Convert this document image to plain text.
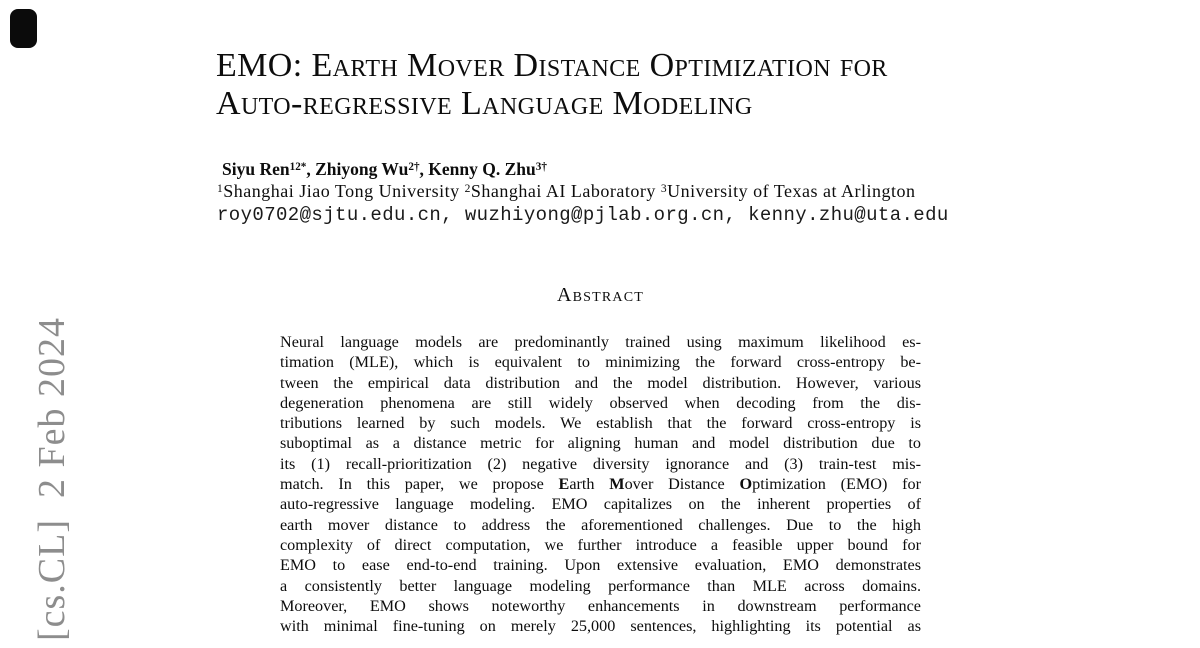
[cs.CL]  2 Feb 2024
EMO: Earth Mover Distance Optimization for
Auto-regressive Language Modeling
Siyu Ren$^{12*}$, Zhiyong $Wu^{2\dagger}$, Kenny Q. Zhu$^{3\dagger}$
$^1$Shanghai Jiao Tong University $^2$Shanghai AI Laboratory $^3$University of Texas at Arlington
roy0702@sjtu.edu.cn, wuzhiyong@pjlab.org.cn, kenny.zhu@uta.edu
Abstract
Neural language models are predominantly trained using maximum likelihood es-
timation (MLE), which is equivalent to minimizing the forward cross-entropy be-
tween the empirical data distribution and the model distribution. However, various
degeneration phenomena are still widely observed when decoding from the dis-
tributions learned by such models. We establish that the forward cross-entropy is
suboptimal as a distance metric for aligning human and model distribution due to
its (1) recall-prioritization (2) negative diversity ignorance and (3) train-test mis-
match. In this paper, we propose Earth Mover Distance Optimization (EMO) for
auto-regressive language modeling. EMO capitalizes on the inherent properties of
earth mover distance to address the aforementioned challenges. Due to the high
complexity of direct computation, we further introduce a feasible upper bound for
EMO to ease end-to-end training. Upon extensive evaluation, EMO demonstrates
a consistently better language modeling performance than MLE across domains.
Moreover, EMO shows noteworthy enhancements in downstream performance
with minimal fine-tuning on merely 25,000 sentences, highlighting its potential as
